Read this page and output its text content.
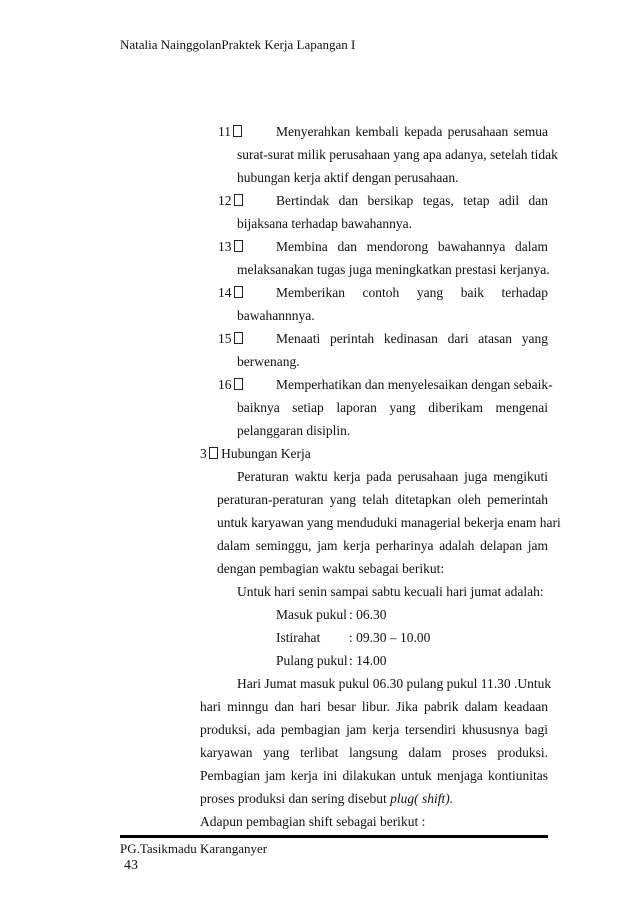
Natalia NainggolanPraktek Kerja Lapangan I
11	Menyerahkan kembali kepada perusahaan semua
surat-surat milik perusahaan yang apa adanya, setelah tidak
hubungan kerja aktif dengan perusahaan.
12	Bertindak dan bersikap tegas, tetap adil dan
bijaksana terhadap bawahannya.
13	Membina dan mendorong bawahannya dalam
melaksanakan tugas juga meningkatkan prestasi kerjanya.
14	Memberikan contoh yang baik terhadap
bawahannnya.
15	Menaati perintah kedinasan dari atasan yang
berwenang.
16	Memperhatikan dan menyelesaikan dengan sebaik-
baiknya setiap laporan yang diberikam mengenai
pelanggaran disiplin.
3 Hubungan Kerja
Peraturan waktu kerja pada perusahaan juga mengikuti
peraturan-peraturan yang telah ditetapkan oleh pemerintah
untuk karyawan yang menduduki managerial bekerja enam hari
dalam seminggu, jam kerja perharinya adalah delapan jam
dengan pembagian waktu sebagai berikut:
Untuk hari senin sampai sabtu kecuali hari jumat adalah:
Masuk pukul : 06.30
Istirahat : 09.30 – 10.00
Pulang pukul : 14.00
Hari Jumat masuk pukul 06.30 pulang pukul 11.30 .Untuk
hari minngu dan hari besar libur. Jika pabrik dalam keadaan
produksi, ada pembagian jam kerja tersendiri khususnya bagi
karyawan yang terlibat langsung dalam proses produksi.
Pembagian jam kerja ini dilakukan untuk menjaga kontiunitas
proses produksi dan sering disebut plug( shift).
Adapun pembagian shift sebagai berikut :
PG.Tasikmadu Karanganyer
43
